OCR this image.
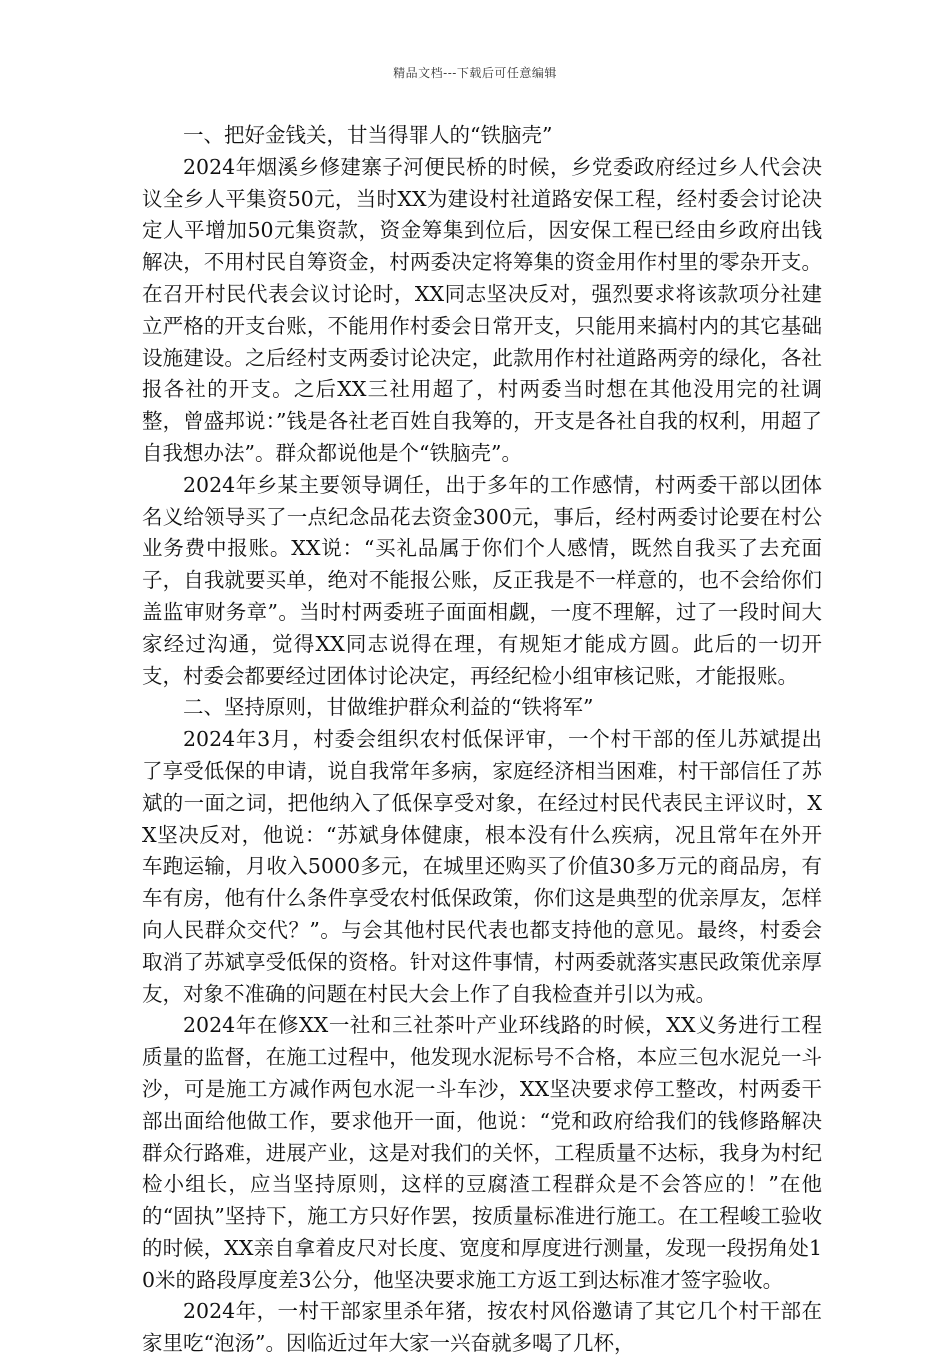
精品文档---下载后可任意编辑

一、把好金钱关，甘当得罪人的“铁脑壳”

2024年烟溪乡修建寨子河便民桥的时候，乡党委政府经过乡人代会决议全乡人平集资50元，当时XX为建设村社道路安保工程，经村委会讨论决定人平增加50元集资款，资金筹集到位后，因安保工程已经由乡政府出钱解决，不用村民自筹资金，村两委决定将筹集的资金用作村里的零杂开支。在召开村民代表会议讨论时，XX同志坚决反对，强烈要求将该款项分社建立严格的开支台账，不能用作村委会日常开支，只能用来搞村内的其它基础设施建设。之后经村支两委讨论决定，此款用作村社道路两旁的绿化，各社报各社的开支。之后XX三社用超了，村两委当时想在其他没用完的社调整，曾盛邦说：”钱是各社老百姓自我筹的，开支是各社自我的权利，用超了自我想办法”。群众都说他是个“铁脑壳”。

2024年乡某主要领导调任，出于多年的工作感情，村两委干部以团体名义给领导买了一点纪念品花去资金300元，事后，经村两委讨论要在村公业务费中报账。XX说：“买礼品属于你们个人感情，既然自我买了去充面子，自我就要买单，绝对不能报公账，反正我是不一样意的，也不会给你们盖监审财务章”。当时村两委班子面面相觑，一度不理解，过了一段时间大家经过沟通，觉得XX同志说得在理，有规矩才能成方圆。此后的一切开支，村委会都要经过团体讨论决定，再经纪检小组审核记账，才能报账。

二、坚持原则，甘做维护群众利益的“铁将军”

2024年3月，村委会组织农村低保评审，一个村干部的侄儿苏斌提出了享受低保的申请，说自我常年多病，家庭经济相当困难，村干部信任了苏斌的一面之词，把他纳入了低保享受对象，在经过村民代表民主评议时，XX坚决反对，他说：“苏斌身体健康，根本没有什么疾病，况且常年在外开车跑运输，月收入5000多元，在城里还购买了价值30多万元的商品房，有车有房，他有什么条件享受农村低保政策，你们这是典型的优亲厚友，怎样向人民群众交代？”。与会其他村民代表也都支持他的意见。最终，村委会取消了苏斌享受低保的资格。针对这件事情，村两委就落实惠民政策优亲厚友，对象不准确的问题在村民大会上作了自我检查并引以为戒。

2024年在修XX一社和三社茶叶产业环线路的时候，XX义务进行工程质量的监督，在施工过程中，他发现水泥标号不合格，本应三包水泥兑一斗沙，可是施工方减作两包水泥一斗车沙，XX坚决要求停工整改，村两委干部出面给他做工作，要求他开一面，他说：“党和政府给我们的钱修路解决群众行路难，进展产业，这是对我们的关怀，工程质量不达标，我身为村纪检小组长，应当坚持原则，这样的豆腐渣工程群众是不会答应的！”在他的“固执”坚持下，施工方只好作罢，按质量标准进行施工。在工程峻工验收的时候，XX亲自拿着皮尺对长度、宽度和厚度进行测量，发现一段拐角处10米的路段厚度差3公分，他坚决要求施工方返工到达标准才签字验收。

2024年，一村干部家里杀年猪，按农村风俗邀请了其它几个村干部在家里吃“泡汤”。因临近过年大家一兴奋就多喝了几杯，
